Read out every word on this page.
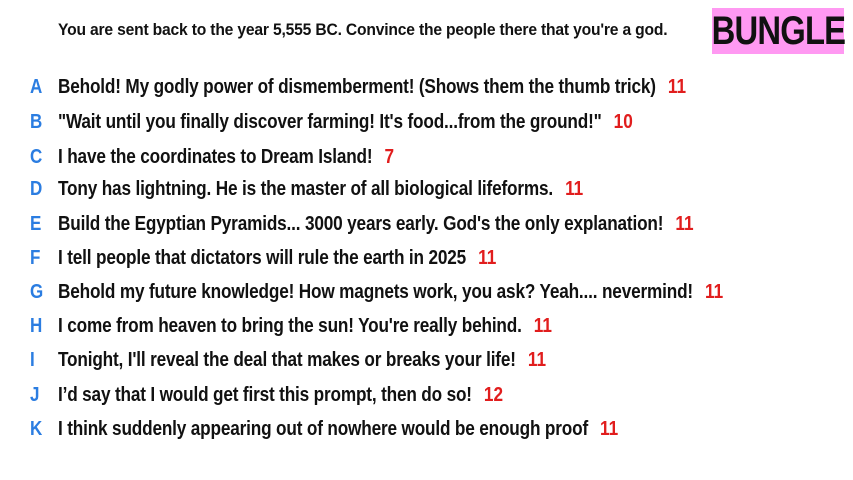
You are sent back to the year 5,555 BC. Convince the people there that you're a god. BUNGLE
A Behold! My godly power of dismemberment! (Shows them the thumb trick) 11
B "Wait until you finally discover farming! It's food...from the ground!" 10
C I have the coordinates to Dream Island! 7
D Tony has lightning. He is the master of all biological lifeforms. 11
E Build the Egyptian Pyramids... 3000 years early. God's the only explanation! 11
F I tell people that dictators will rule the earth in 2025 11
G Behold my future knowledge! How magnets work, you ask? Yeah.... nevermind! 11
H I come from heaven to bring the sun! You're really behind. 11
I	Tonight, I'll reveal the deal that makes or breaks your life! 11
J I’d say that I would get first this prompt, then do so! 12
K I think suddenly appearing out of nowhere would be enough proof 11
